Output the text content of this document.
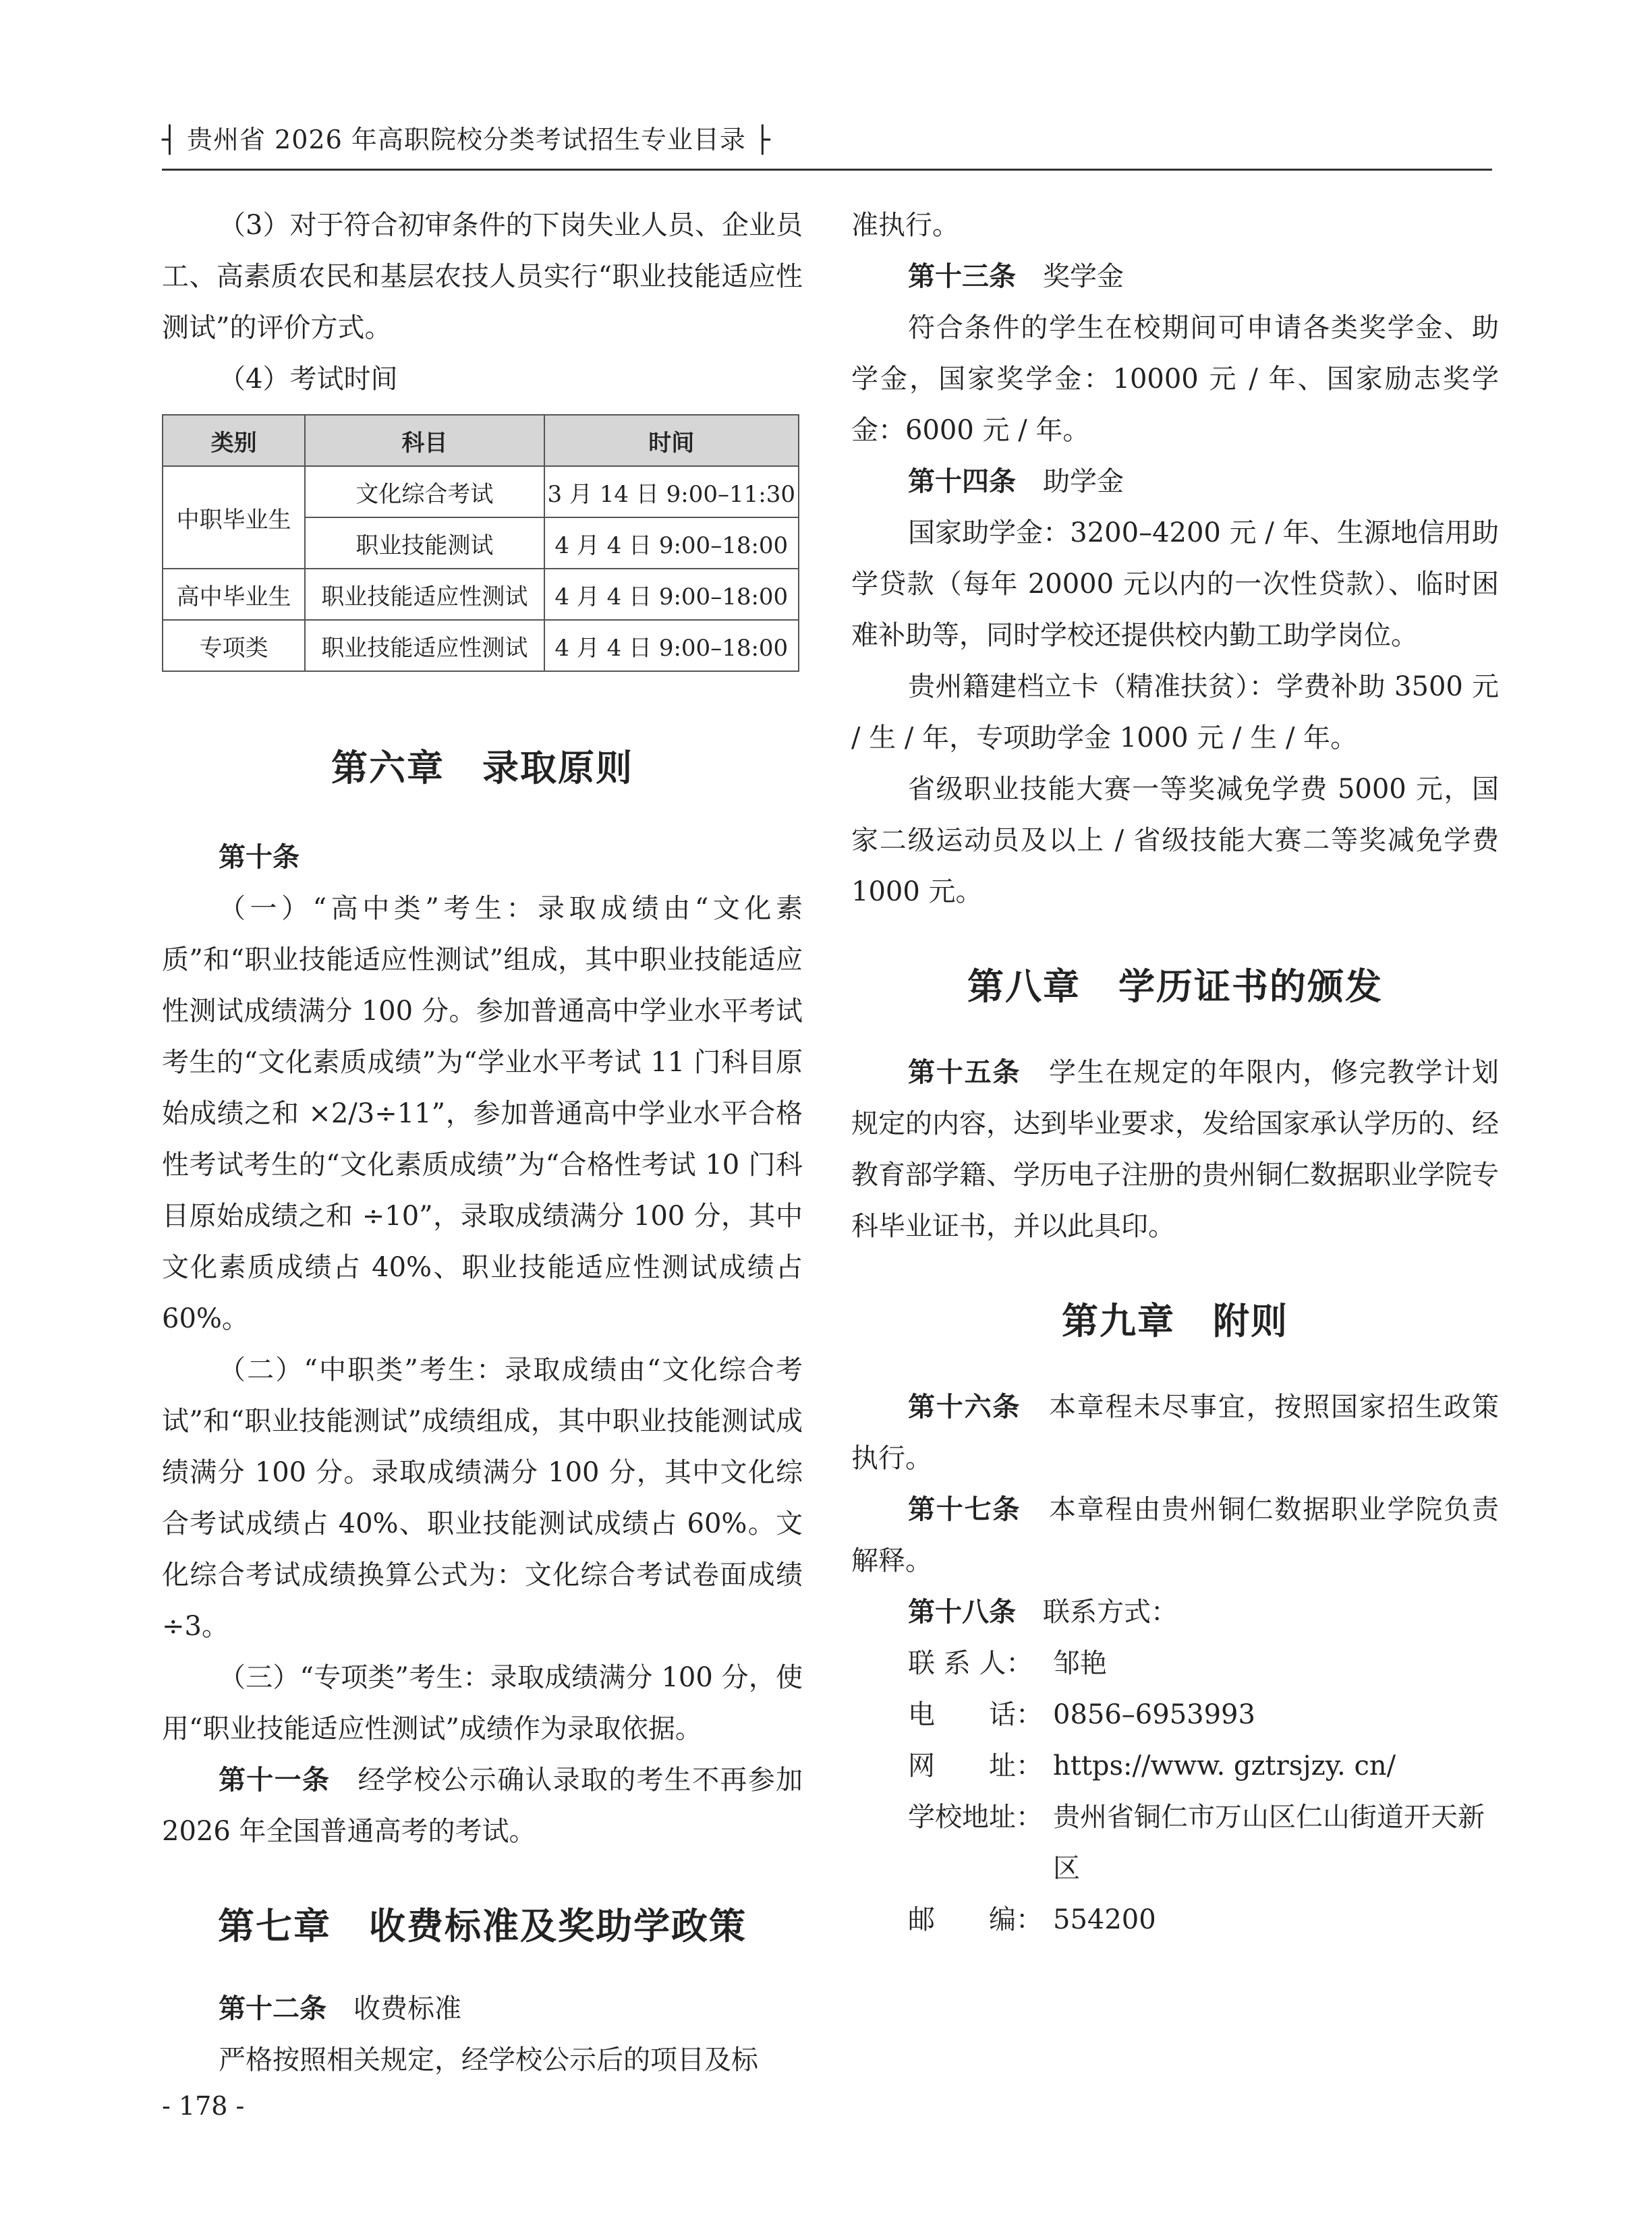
┤ 贵州省 2026 年高职院校分类考试招生专业目录 ├

（3）对于符合初审条件的下岗失业人员、企业员工、高素质农民和基层农技人员实行“职业技能适应性测试”的评价方式。

（4）考试时间

类别	科目	时间
中职毕业生	文化综合考试	3 月 14 日 9:00–11:30
	职业技能测试	4 月 4 日 9:00–18:00
高中毕业生	职业技能适应性测试	4 月 4 日 9:00–18:00
专项类	职业技能适应性测试	4 月 4 日 9:00–18:00
第六章　录取原则

第十条

（一）“高中类”考生：录取成绩由“文化素质”和“职业技能适应性测试”组成，其中职业技能适应性测试成绩满分 100 分。参加普通高中学业水平考试考生的“文化素质成绩”为“学业水平考试 11 门科目原始成绩之和 ×2/3÷11”，参加普通高中学业水平合格性考试考生的“文化素质成绩”为“合格性考试 10 门科目原始成绩之和 ÷10”，录取成绩满分 100 分，其中文化素质成绩占 40%、职业技能适应性测试成绩占 60%。

（二）“中职类”考生：录取成绩由“文化综合考试”和“职业技能测试”成绩组成，其中职业技能测试成绩满分 100 分。录取成绩满分 100 分，其中文化综合考试成绩占 40%、职业技能测试成绩占 60%。文化综合考试成绩换算公式为：文化综合考试卷面成绩 ÷3。

（三）“专项类”考生：录取成绩满分 100 分，使用“职业技能适应性测试”成绩作为录取依据。

第十一条　经学校公示确认录取的考生不再参加 2026 年全国普通高考的考试。

第七章　收费标准及奖助学政策

第十二条　收费标准

严格按照相关规定，经学校公示后的项目及标

准执行。

第十三条　奖学金

符合条件的学生在校期间可申请各类奖学金、助学金，国家奖学金：10000 元 / 年、国家励志奖学金：6000 元 / 年。

第十四条　助学金

国家助学金：3200–4200 元 / 年、生源地信用助学贷款（每年 20000 元以内的一次性贷款）、临时困难补助等，同时学校还提供校内勤工助学岗位。

贵州籍建档立卡（精准扶贫）：学费补助 3500 元 / 生 / 年，专项助学金 1000 元 / 生 / 年。

省级职业技能大赛一等奖减免学费 5000 元，国家二级运动员及以上 / 省级技能大赛二等奖减免学费 1000 元。

第八章　学历证书的颁发

第十五条　学生在规定的年限内，修完教学计划规定的内容，达到毕业要求，发给国家承认学历的、经教育部学籍、学历电子注册的贵州铜仁数据职业学院专科毕业证书，并以此具印。

第九章　附则

第十六条　本章程未尽事宜，按照国家招生政策执行。

第十七条　本章程由贵州铜仁数据职业学院负责解释。

第十八条　联系方式：

联 系 人： 邹艳
电　　话： 0856–6953993
网　　址： https://www. gztrsjzy. cn/
学校地址： 贵州省铜仁市万山区仁山街道开天新区
邮　　编： 554200
- 178 -
